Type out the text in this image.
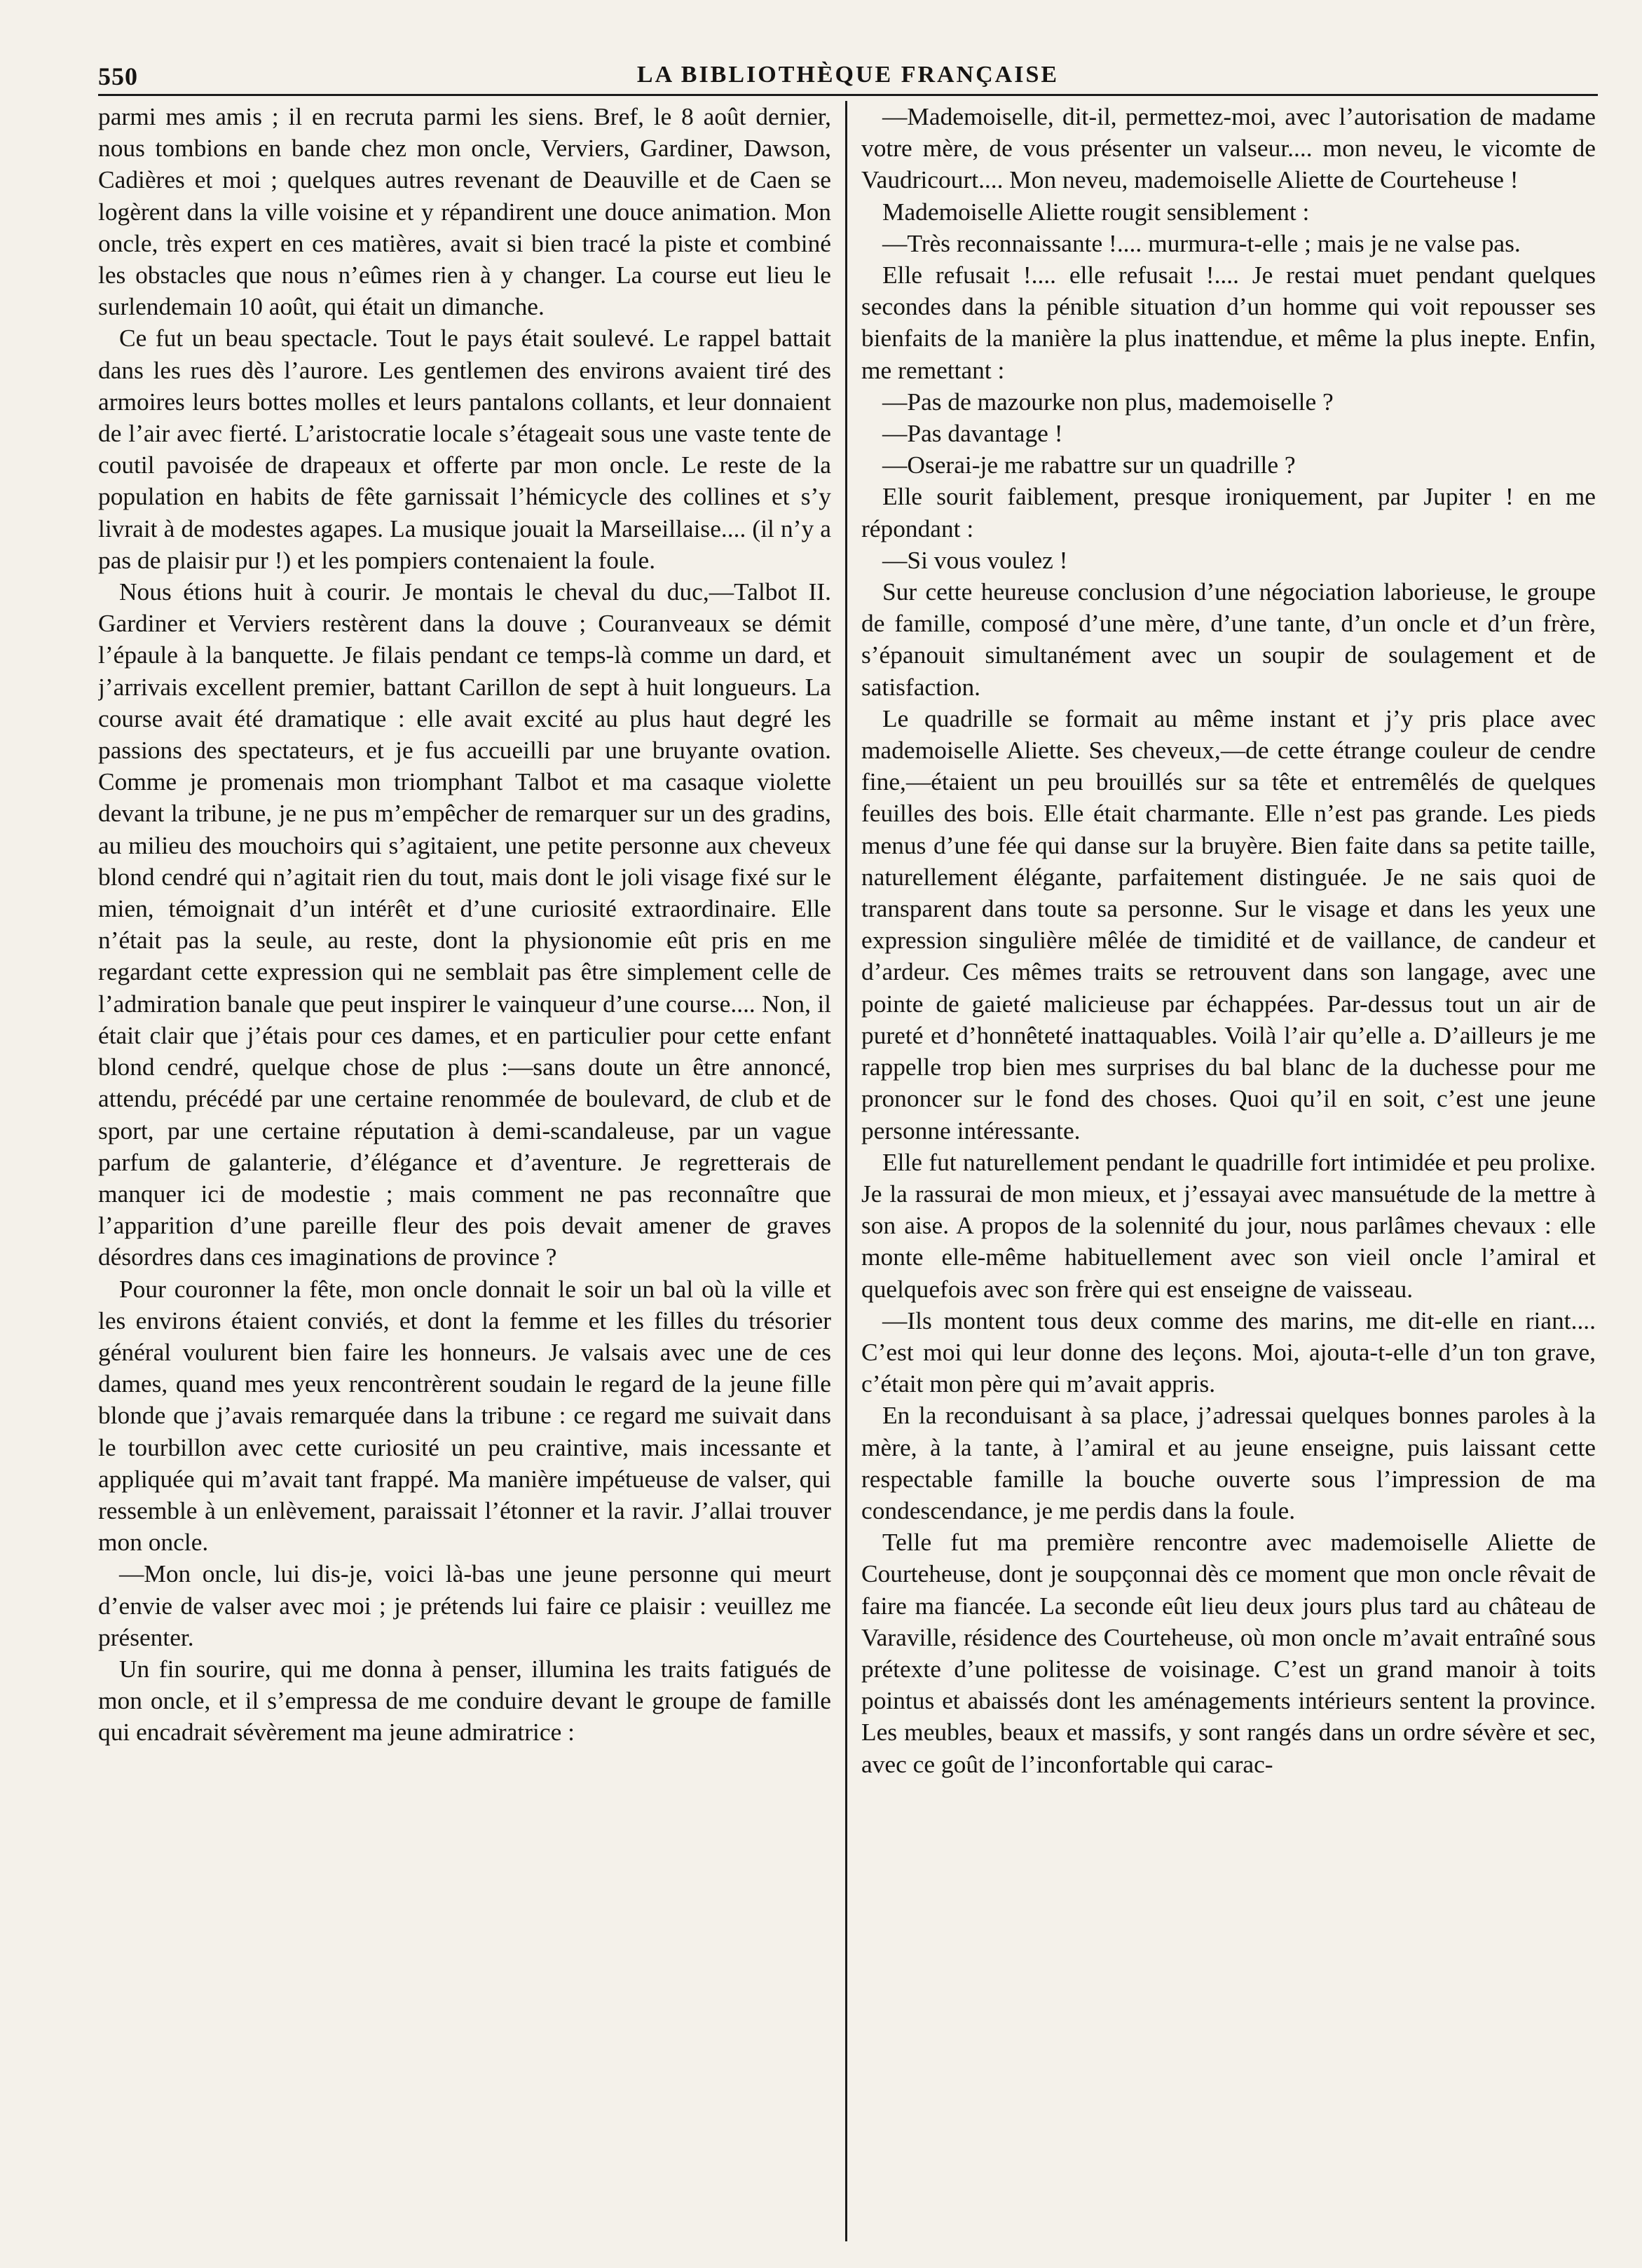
550	LA BIBLIOTHÈQUE FRANÇAISE

parmi mes amis ; il en recruta parmi les siens. Bref, le 8 août dernier, nous tombions en bande chez mon oncle, Verviers, Gardiner, Dawson, Cadières et moi ; quelques autres revenant de Deauville et de Caen se logèrent dans la ville voisine et y répandirent une douce animation. Mon oncle, très expert en ces matières, avait si bien tracé la piste et combiné les obstacles que nous n’eûmes rien à y changer. La course eut lieu le surlendemain 10 août, qui était un dimanche.

Ce fut un beau spectacle. Tout le pays était soulevé. Le rappel battait dans les rues dès l’aurore. Les gentlemen des environs avaient tiré des armoires leurs bottes molles et leurs pantalons collants, et leur donnaient de l’air avec fierté. L’aristocratie locale s’étageait sous une vaste tente de coutil pavoisée de drapeaux et offerte par mon oncle. Le reste de la population en habits de fête garnissait l’hémicycle des collines et s’y livrait à de modestes agapes. La musique jouait la Marseillaise.... (il n’y a pas de plaisir pur !) et les pompiers contenaient la foule.

Nous étions huit à courir. Je montais le cheval du duc,—Talbot II. Gardiner et Verviers restèrent dans la douve ; Couranveaux se démit l’épaule à la banquette. Je filais pendant ce temps-là comme un dard, et j’arrivais excellent premier, battant Carillon de sept à huit longueurs. La course avait été dramatique : elle avait excité au plus haut degré les passions des spectateurs, et je fus accueilli par une bruyante ovation. Comme je promenais mon triomphant Talbot et ma casaque violette devant la tribune, je ne pus m’empêcher de remarquer sur un des gradins, au milieu des mouchoirs qui s’agitaient, une petite personne aux cheveux blond cendré qui n’agitait rien du tout, mais dont le joli visage fixé sur le mien, témoignait d’un intérêt et d’une curiosité extraordinaire. Elle n’était pas la seule, au reste, dont la physionomie eût pris en me regardant cette expression qui ne semblait pas être simplement celle de l’admiration banale que peut inspirer le vainqueur d’une course.... Non, il était clair que j’étais pour ces dames, et en particulier pour cette enfant blond cendré, quelque chose de plus :—sans doute un être annoncé, attendu, précédé par une certaine renommée de boulevard, de club et de sport, par une certaine réputation à demi-scandaleuse, par un vague parfum de galanterie, d’élégance et d’aventure. Je regretterais de manquer ici de modestie ; mais comment ne pas reconnaître que l’apparition d’une pareille fleur des pois devait amener de graves désordres dans ces imaginations de province ?

Pour couronner la fête, mon oncle donnait le soir un bal où la ville et les environs étaient conviés, et dont la femme et les filles du trésorier général voulurent bien faire les honneurs. Je valsais avec une de ces dames, quand mes yeux rencontrèrent soudain le regard de la jeune fille blonde que j’avais remarquée dans la tribune : ce regard me suivait dans le tourbillon avec cette curiosité un peu craintive, mais incessante et appliquée qui m’avait tant frappé. Ma manière impétueuse de valser, qui ressemble à un enlèvement, paraissait l’étonner et la ravir. J’allai trouver mon oncle.

—Mon oncle, lui dis-je, voici là-bas une jeune personne qui meurt d’envie de valser avec moi ; je prétends lui faire ce plaisir : veuillez me présenter.

Un fin sourire, qui me donna à penser, illumina les traits fatigués de mon oncle, et il s’empressa de me conduire devant le groupe de famille qui encadrait sévèrement ma jeune admiratrice :

—Mademoiselle, dit-il, permettez-moi, avec l’autorisation de madame votre mère, de vous présenter un valseur.... mon neveu, le vicomte de Vaudricourt.... Mon neveu, mademoiselle Aliette de Courteheuse !

Mademoiselle Aliette rougit sensiblement :

—Très reconnaissante !.... murmura-t-elle ; mais je ne valse pas.

Elle refusait !.... elle refusait !.... Je restai muet pendant quelques secondes dans la pénible situation d’un homme qui voit repousser ses bienfaits de la manière la plus inattendue, et même la plus inepte. Enfin, me remettant :

—Pas de mazourke non plus, mademoiselle ?

—Pas davantage !

—Oserai-je me rabattre sur un quadrille ?

Elle sourit faiblement, presque ironiquement, par Jupiter ! en me répondant :

—Si vous voulez !

Sur cette heureuse conclusion d’une négociation laborieuse, le groupe de famille, composé d’une mère, d’une tante, d’un oncle et d’un frère, s’épanouit simultanément avec un soupir de soulagement et de satisfaction.

Le quadrille se formait au même instant et j’y pris place avec mademoiselle Aliette. Ses cheveux,—de cette étrange couleur de cendre fine,—étaient un peu brouillés sur sa tête et entremêlés de quelques feuilles des bois. Elle était charmante. Elle n’est pas grande. Les pieds menus d’une fée qui danse sur la bruyère. Bien faite dans sa petite taille, naturellement élégante, parfaitement distinguée. Je ne sais quoi de transparent dans toute sa personne. Sur le visage et dans les yeux une expression singulière mêlée de timidité et de vaillance, de candeur et d’ardeur. Ces mêmes traits se retrouvent dans son langage, avec une pointe de gaieté malicieuse par échappées. Par-dessus tout un air de pureté et d’honnêteté inattaquables. Voilà l’air qu’elle a. D’ailleurs je me rappelle trop bien mes surprises du bal blanc de la duchesse pour me prononcer sur le fond des choses. Quoi qu’il en soit, c’est une jeune personne intéressante.

Elle fut naturellement pendant le quadrille fort intimidée et peu prolixe. Je la rassurai de mon mieux, et j’essayai avec mansuétude de la mettre à son aise. A propos de la solennité du jour, nous parlâmes chevaux : elle monte elle-même habituellement avec son vieil oncle l’amiral et quelquefois avec son frère qui est enseigne de vaisseau.

—Ils montent tous deux comme des marins, me dit-elle en riant.... C’est moi qui leur donne des leçons. Moi, ajouta-t-elle d’un ton grave, c’était mon père qui m’avait appris.

En la reconduisant à sa place, j’adressai quelques bonnes paroles à la mère, à la tante, à l’amiral et au jeune enseigne, puis laissant cette respectable famille la bouche ouverte sous l’impression de ma condescendance, je me perdis dans la foule.

Telle fut ma première rencontre avec mademoiselle Aliette de Courteheuse, dont je soupçonnai dès ce moment que mon oncle rêvait de faire ma fiancée. La seconde eût lieu deux jours plus tard au château de Varaville, résidence des Courteheuse, où mon oncle m’avait entraîné sous prétexte d’une politesse de voisinage. C’est un grand manoir à toits pointus et abaissés dont les aménagements intérieurs sentent la province. Les meubles, beaux et massifs, y sont rangés dans un ordre sévère et sec, avec ce goût de l’inconfortable qui carac-
